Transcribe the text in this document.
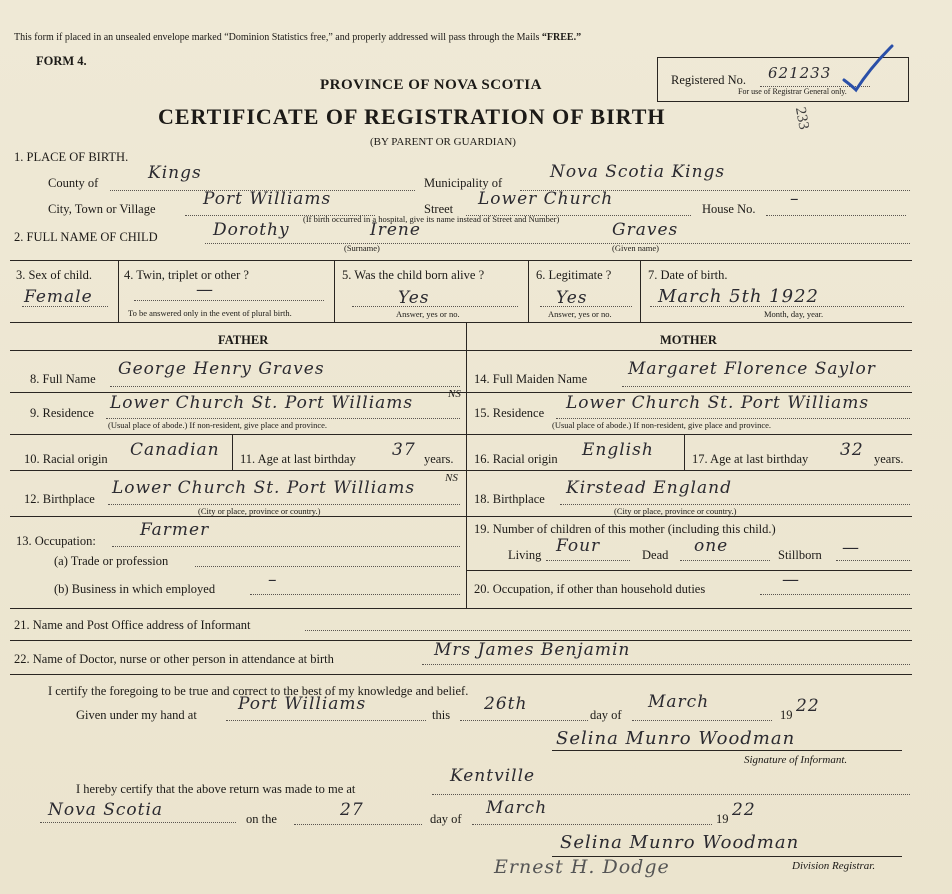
This form if placed in an unsealed envelope marked “Dominion Statistics free,” and properly addressed will pass through the Mails “FREE.”
FORM 4.
Registered No. 621233
For use of Registrar General only.
233
PROVINCE OF NOVA SCOTIA
CERTIFICATE OF REGISTRATION OF BIRTH
(BY PARENT OR GUARDIAN)
1. PLACE OF BIRTH.
County of	Kings	Municipality of
Nova Scotia Kings
City, Town or Village	Port Williams	Street Lower Church	House No. –
(If birth occurred in a hospital, give its name instead of Street and Number)
2. FULL NAME OF CHILD	Dorothy	Irene	Graves
(Surname)	(Given name)
3. Sex of child.
Female
4. Twin, triplet or other ?
—
To be answered only in the event of plural birth.
5. Was the child born alive ?
Yes
Answer, yes or no.
6. Legitimate ?
Yes
Answer, yes or no.
7. Date of birth.
March 5th 1922
Month, day, year.
FATHER	MOTHER
8. Full Name George Henry Graves
9. Residence Lower Church St. Port Williams	NS
(Usual place of abode.) If non-resident, give place and province.
10. Racial origin Canadian 11. Age at last birthday 37 years.
12. Birthplace
Lower Church St. Port Williams	NS
(City or place, province or country.)
13. Occupation:
Farmer
(a) Trade or profession
(b) Business in which employed	–
14. Full Maiden Name Margaret Florence Saylor
15. Residence Lower Church St. Port Williams
(Usual place of abode.) If non-resident, give place and province.
16. Racial origin English	17. Age at last birthday 32 years.
18. Birthplace
Kirstead England
(City or place, province or country.)
19. Number of children of this mother (including this child.)
Living Four	Dead one	Stillborn —
20. Occupation, if other than household duties	—
21. Name and Post Office address of Informant
22. Name of Doctor, nurse or other person in attendance at birth	Mrs James Benjamin
I certify the foregoing to be true and correct to the best of my knowledge and belief.
Given under my hand at
Port Williams
this
26th
day of
March
19 22
Selina Munro Woodman
Signature of Informant.
I hereby certify that the above return was made to me at
Kentville
Nova Scotia	on the	27	day of
March
19 22
Selina Munro Woodman
Ernest H. Dodge	Division Registrar.
